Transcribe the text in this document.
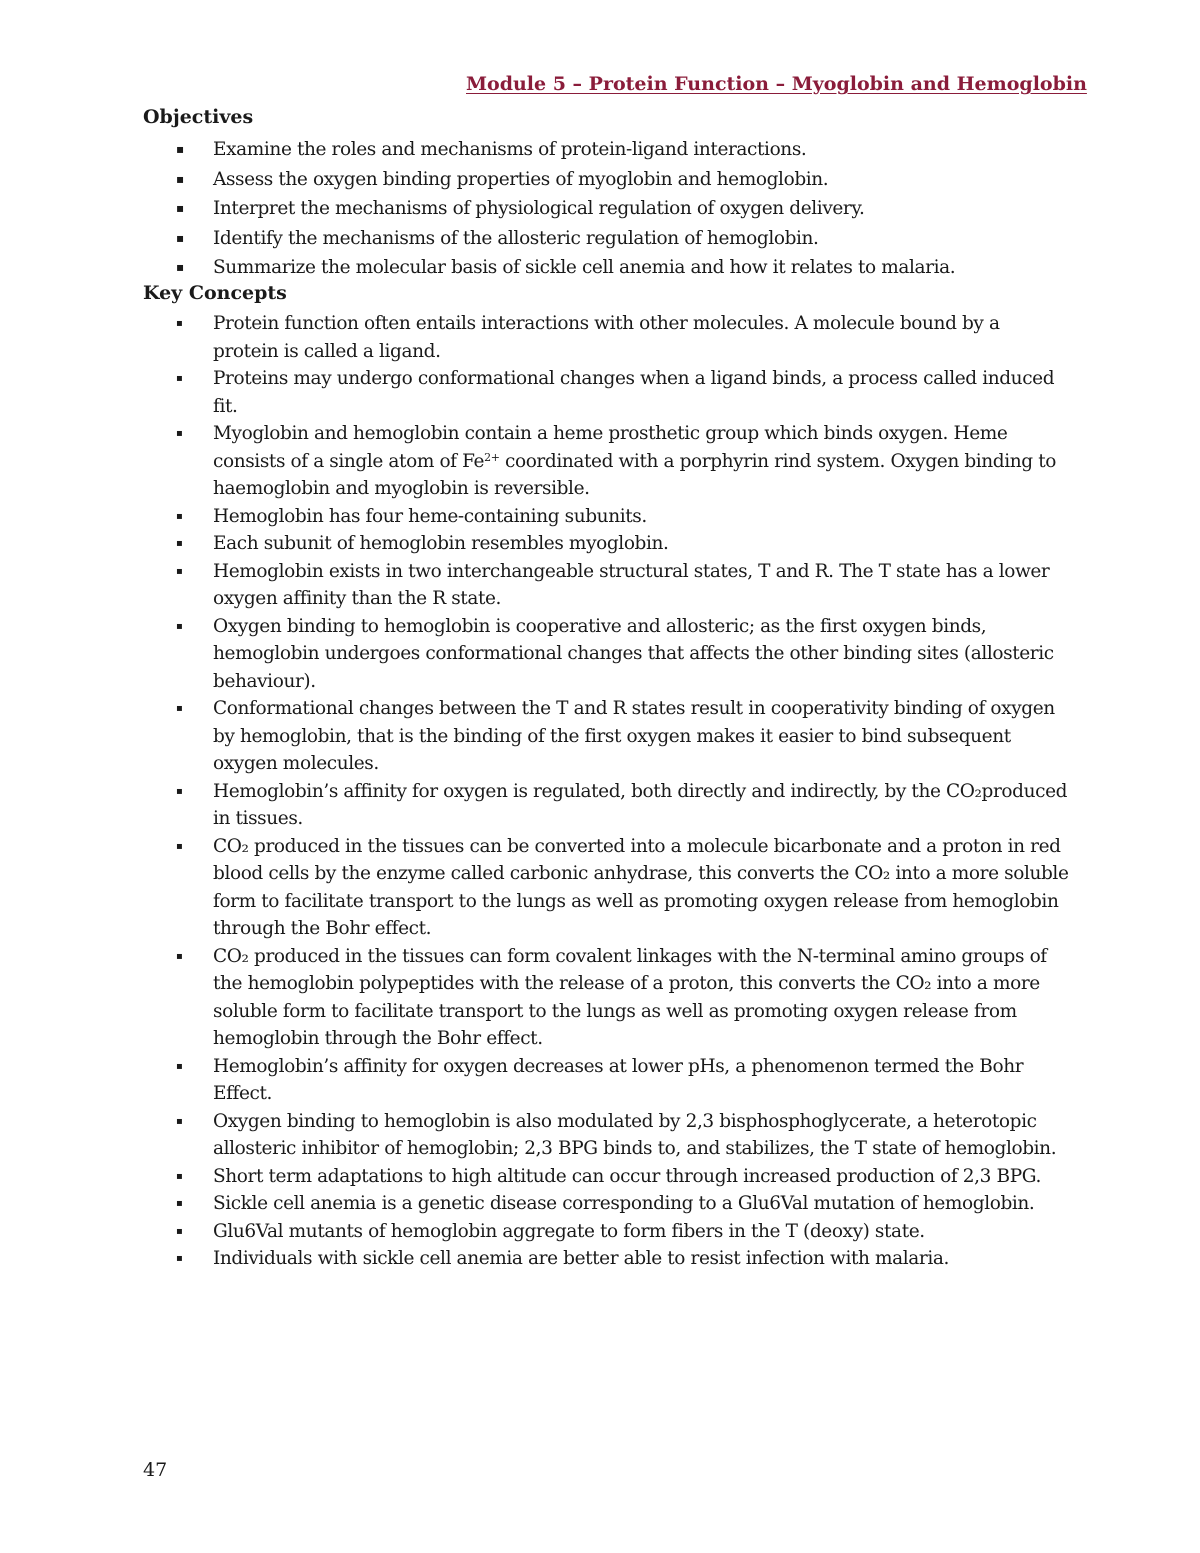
Module 5 – Protein Function – Myoglobin and Hemoglobin
Objectives
▪ Examine the roles and mechanisms of protein-ligand interactions.
▪ Assess the oxygen binding properties of myoglobin and hemoglobin.
▪ Interpret the mechanisms of physiological regulation of oxygen delivery.
▪ Identify the mechanisms of the allosteric regulation of hemoglobin.
▪ Summarize the molecular basis of sickle cell anemia and how it relates to malaria.
Key Concepts
▪ Protein function often entails interactions with other molecules. A molecule bound by a protein is called a ligand.
▪ Proteins may undergo conformational changes when a ligand binds, a process called induced fit.
▪ Myoglobin and hemoglobin contain a heme prosthetic group which binds oxygen. Heme consists of a single atom of $Fe^{2+}$ coordinated with a porphyrin rind system. Oxygen binding to haemoglobin and myoglobin is reversible.
▪ Hemoglobin has four heme-containing subunits.
▪ Each subunit of hemoglobin resembles myoglobin.
▪ Hemoglobin exists in two interchangeable structural states, T and R. The T state has a lower oxygen affinity than the R state.
▪ Oxygen binding to hemoglobin is cooperative and allosteric; as the first oxygen binds, hemoglobin undergoes conformational changes that affects the other binding sites (allosteric behaviour).
▪ Conformational changes between the T and R states result in cooperativity binding of oxygen by hemoglobin, that is the binding of the first oxygen makes it easier to bind subsequent oxygen molecules.
▪ Hemoglobin’s affinity for oxygen is regulated, both directly and indirectly, by the CO₂produced in tissues.
▪ CO₂ produced in the tissues can be converted into a molecule bicarbonate and a proton in red blood cells by the enzyme called carbonic anhydrase, this converts the CO₂ into a more soluble form to facilitate transport to the lungs as well as promoting oxygen release from hemoglobin through the Bohr effect.
▪ CO₂ produced in the tissues can form covalent linkages with the N-terminal amino groups of the hemoglobin polypeptides with the release of a proton, this converts the CO₂ into a more soluble form to facilitate transport to the lungs as well as promoting oxygen release from hemoglobin through the Bohr effect.
▪ Hemoglobin’s affinity for oxygen decreases at lower pHs, a phenomenon termed the Bohr Effect.
▪ Oxygen binding to hemoglobin is also modulated by 2,3 bisphosphoglycerate, a heterotopic allosteric inhibitor of hemoglobin; 2,3 BPG binds to, and stabilizes, the T state of hemoglobin.
▪ Short term adaptations to high altitude can occur through increased production of 2,3 BPG.
▪ Sickle cell anemia is a genetic disease corresponding to a Glu6Val mutation of hemoglobin.
▪ Glu6Val mutants of hemoglobin aggregate to form fibers in the T (deoxy) state.
▪ Individuals with sickle cell anemia are better able to resist infection with malaria.
47
